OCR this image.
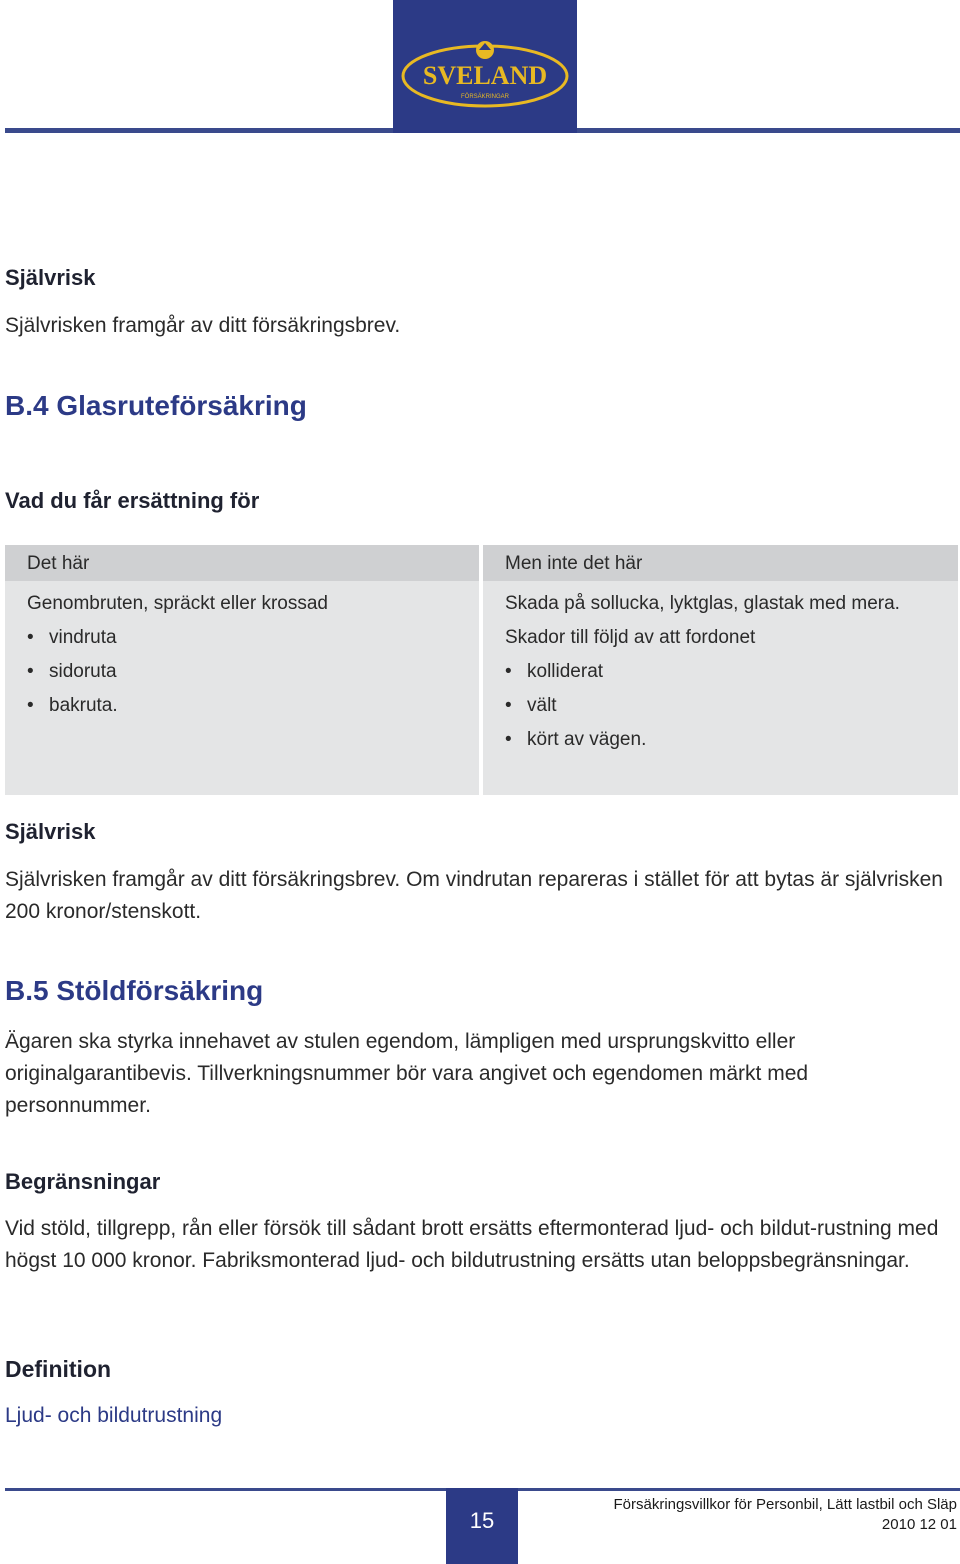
SVELAND
FÖRSÄKRINGAR
Självrisk
Självrisken framgår av ditt försäkringsbrev.
B.4 Glasruteförsäkring
Vad du får ersättning för
Det här
Genombruten, spräckt eller krossad
• vindruta
• sidoruta
• bakruta.
Men inte det här
Skada på sollucka, lyktglas, glastak med mera.
Skador till följd av att fordonet
• kolliderat
• vält
• kört av vägen.
Självrisk
Självrisken framgår av ditt försäkringsbrev. Om vindrutan repareras i stället för att bytas är självrisken 200 kronor/stenskott.
B.5 Stöldförsäkring
Ägaren ska styrka innehavet av stulen egendom, lämpligen med ursprungskvitto eller originalgarantibevis. Tillverkningsnummer bör vara angivet och egendomen märkt med personnummer.
Begränsningar
Vid stöld, tillgrepp, rån eller försök till sådant brott ersätts eftermonterad ljud- och bildut-rustning med högst 10 000 kronor. Fabriksmonterad ljud- och bildutrustning ersätts utan beloppsbegränsningar.
Definition
Ljud- och bildutrustning
15
Försäkringsvillkor för Personbil, Lätt lastbil och Släp
2010 12 01
